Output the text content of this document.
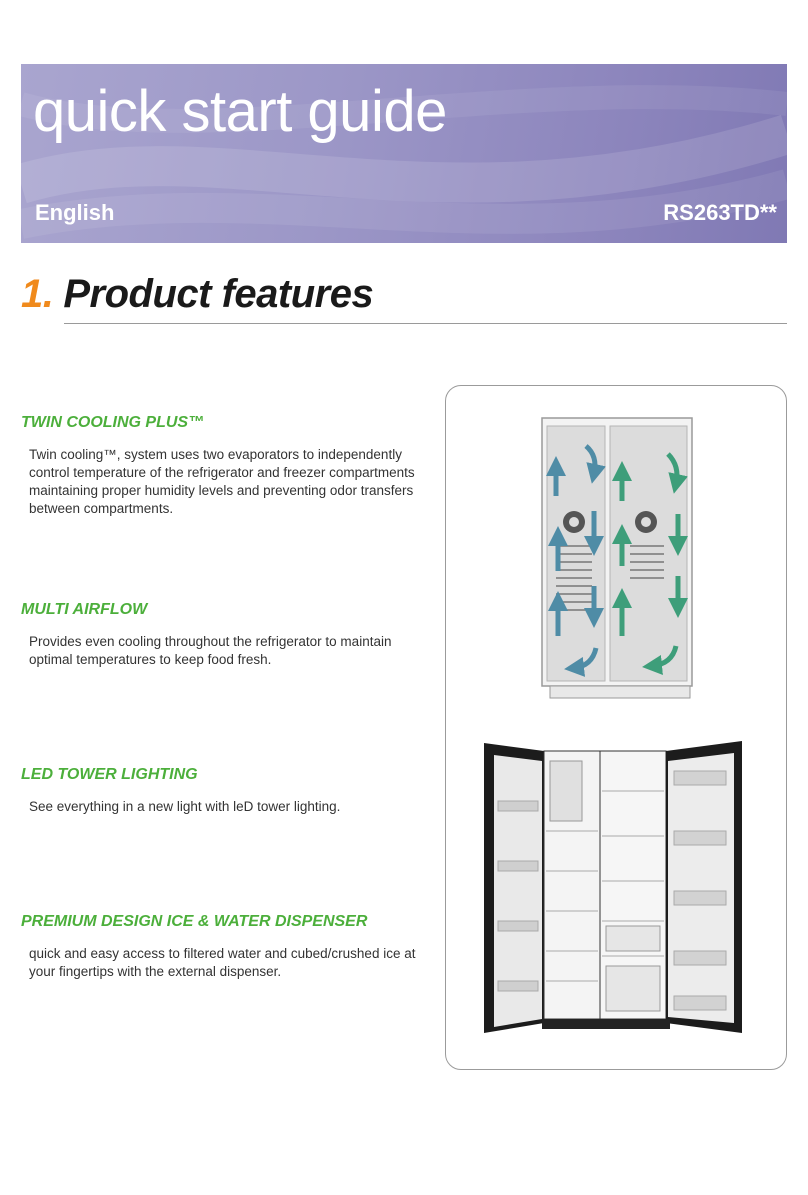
quick start guide
English	RS263TD**
1. Product features
TWIN COOLING PLUS™
Twin cooling™, system uses two evaporators to independently control temperature of the refrigerator and freezer compartments maintaining proper humidity levels and preventing odor transfers between compartments.
MULTI AIRFLOW
Provides even cooling throughout the refrigerator to maintain optimal temperatures to keep food fresh.
LED TOWER LIGHTING
See everything in a new light with leD tower lighting.
PREMIUM DESIGN ICE & WATER DISPENSER
quick and easy access to filtered water and cubed/crushed ice at your fingertips with the external dispenser.
